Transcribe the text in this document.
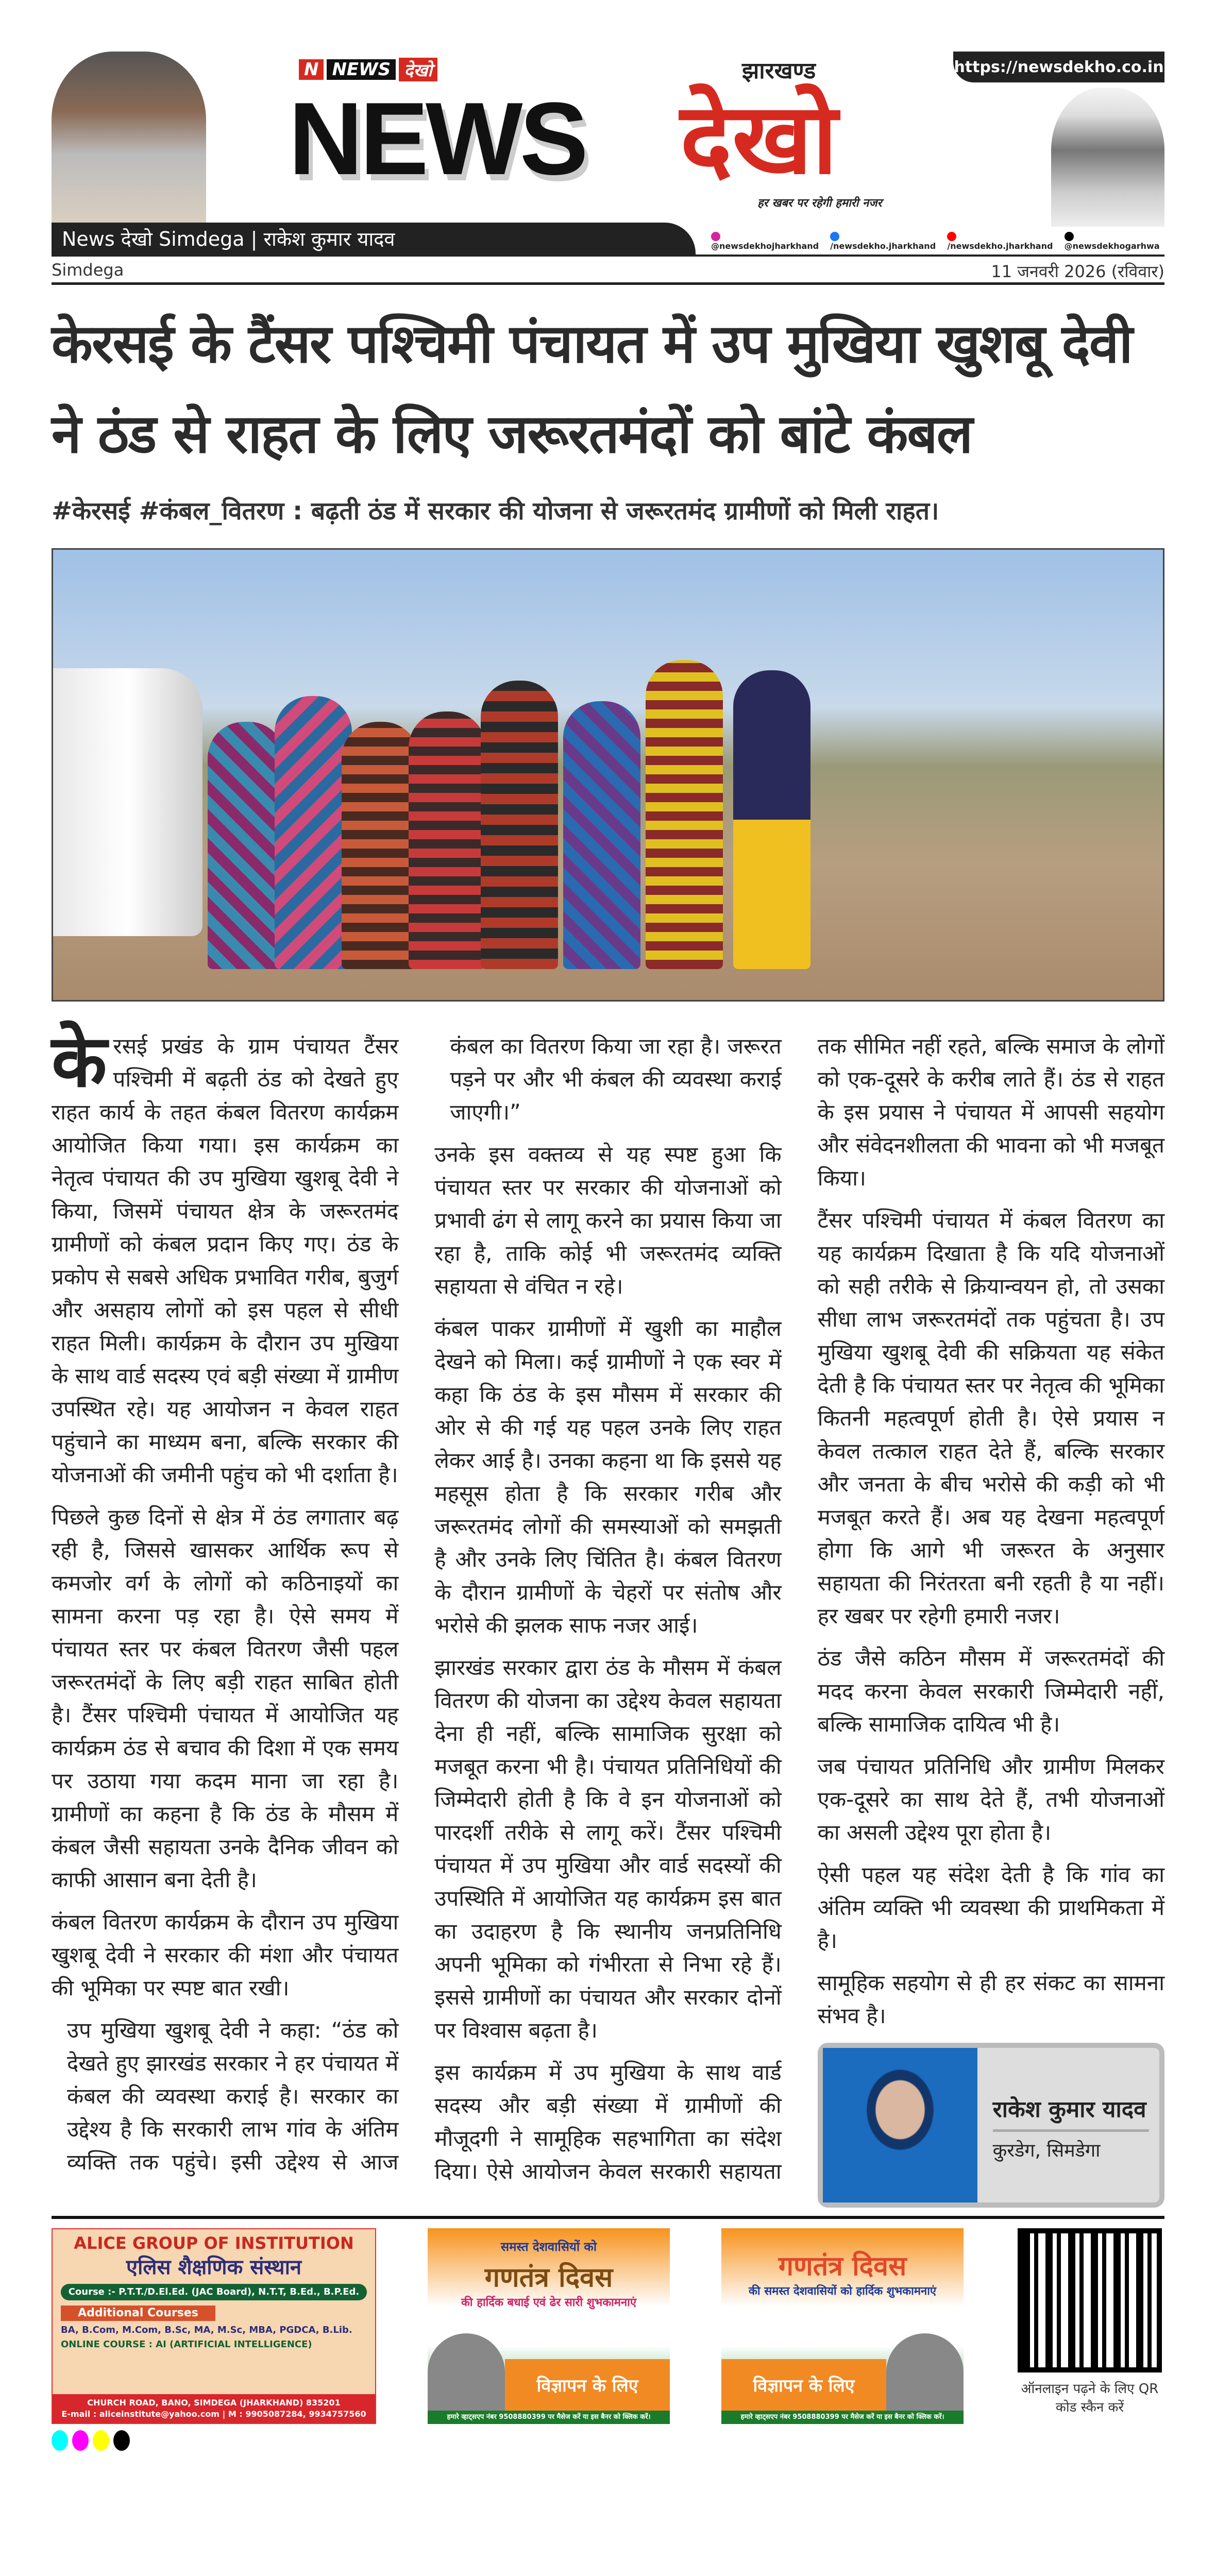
https://newsdekho.co.in
N NEWS देखो
NEWS
झारखण्ड
देखो
हर खबर पर रहेगी हमारी नजर
News देखो Simdega | राकेश कुमार यादव	@newsdekhojharkhand	/newsdekho.jharkhand	/newsdekho.jharkhand	@newsdekhogarhwa
Simdega	11 जनवरी 2026 (रविवार)
केरसई के टैंसर पश्चिमी पंचायत में उप मुखिया खुशबू देवी ने ठंड से राहत के लिए जरूरतमंदों को बांटे कंबल
#केरसई #कंबल_वितरण : बढ़ती ठंड में सरकार की योजना से जरूरतमंद ग्रामीणों को मिली राहत।

केरसई प्रखंड के ग्राम पंचायत टैंसर पश्चिमी में बढ़ती ठंड को देखते हुए राहत कार्य के तहत कंबल वितरण कार्यक्रम आयोजित किया गया। इस कार्यक्रम का नेतृत्व पंचायत की उप मुखिया खुशबू देवी ने किया, जिसमें पंचायत क्षेत्र के जरूरतमंद ग्रामीणों को कंबल प्रदान किए गए। ठंड के प्रकोप से सबसे अधिक प्रभावित गरीब, बुजुर्ग और असहाय लोगों को इस पहल से सीधी राहत मिली। कार्यक्रम के दौरान उप मुखिया के साथ वार्ड सदस्य एवं बड़ी संख्या में ग्रामीण उपस्थित रहे। यह आयोजन न केवल राहत पहुंचाने का माध्यम बना, बल्कि सरकार की योजनाओं की जमीनी पहुंच को भी दर्शाता है।

पिछले कुछ दिनों से क्षेत्र में ठंड लगातार बढ़ रही है, जिससे खासकर आर्थिक रूप से कमजोर वर्ग के लोगों को कठिनाइयों का सामना करना पड़ रहा है। ऐसे समय में पंचायत स्तर पर कंबल वितरण जैसी पहल जरूरतमंदों के लिए बड़ी राहत साबित होती है। टैंसर पश्चिमी पंचायत में आयोजित यह कार्यक्रम ठंड से बचाव की दिशा में एक समय पर उठाया गया कदम माना जा रहा है। ग्रामीणों का कहना है कि ठंड के मौसम में कंबल जैसी सहायता उनके दैनिक जीवन को काफी आसान बना देती है।

कंबल वितरण कार्यक्रम के दौरान उप मुखिया खुशबू देवी ने सरकार की मंशा और पंचायत की भूमिका पर स्पष्ट बात रखी।

उप मुखिया खुशबू देवी ने कहा: “ठंड को देखते हुए झारखंड सरकार ने हर पंचायत में कंबल की व्यवस्था कराई है। सरकार का उद्देश्य है कि सरकारी लाभ गांव के अंतिम व्यक्ति तक पहुंचे। इसी उद्देश्य से आज कंबल का वितरण किया जा रहा है। जरूरत पड़ने पर और भी कंबल की व्यवस्था कराई जाएगी।”

उनके इस वक्तव्य से यह स्पष्ट हुआ कि पंचायत स्तर पर सरकार की योजनाओं को प्रभावी ढंग से लागू करने का प्रयास किया जा रहा है, ताकि कोई भी जरूरतमंद व्यक्ति सहायता से वंचित न रहे।

कंबल पाकर ग्रामीणों में खुशी का माहौल देखने को मिला। कई ग्रामीणों ने एक स्वर में कहा कि ठंड के इस मौसम में सरकार की ओर से की गई यह पहल उनके लिए राहत लेकर आई है। उनका कहना था कि इससे यह महसूस होता है कि सरकार गरीब और जरूरतमंद लोगों की समस्याओं को समझती है और उनके लिए चिंतित है। कंबल वितरण के दौरान ग्रामीणों के चेहरों पर संतोष और भरोसे की झलक साफ नजर आई।

झारखंड सरकार द्वारा ठंड के मौसम में कंबल वितरण की योजना का उद्देश्य केवल सहायता देना ही नहीं, बल्कि सामाजिक सुरक्षा को मजबूत करना भी है। पंचायत प्रतिनिधियों की जिम्मेदारी होती है कि वे इन योजनाओं को पारदर्शी तरीके से लागू करें। टैंसर पश्चिमी पंचायत में उप मुखिया और वार्ड सदस्यों की उपस्थिति में आयोजित यह कार्यक्रम इस बात का उदाहरण है कि स्थानीय जनप्रतिनिधि अपनी भूमिका को गंभीरता से निभा रहे हैं। इससे ग्रामीणों का पंचायत और सरकार दोनों पर विश्वास बढ़ता है।

इस कार्यक्रम में उप मुखिया के साथ वार्ड सदस्य और बड़ी संख्या में ग्रामीणों की मौजूदगी ने सामूहिक सहभागिता का संदेश दिया। ऐसे आयोजन केवल सरकारी सहायता तक सीमित नहीं रहते, बल्कि समाज के लोगों को एक-दूसरे के करीब लाते हैं। ठंड से राहत के इस प्रयास ने पंचायत में आपसी सहयोग और संवेदनशीलता की भावना को भी मजबूत किया।

टैंसर पश्चिमी पंचायत में कंबल वितरण का यह कार्यक्रम दिखाता है कि यदि योजनाओं को सही तरीके से क्रियान्वयन हो, तो उसका सीधा लाभ जरूरतमंदों तक पहुंचता है। उप मुखिया खुशबू देवी की सक्रियता यह संकेत देती है कि पंचायत स्तर पर नेतृत्व की भूमिका कितनी महत्वपूर्ण होती है। ऐसे प्रयास न केवल तत्काल राहत देते हैं, बल्कि सरकार और जनता के बीच भरोसे की कड़ी को भी मजबूत करते हैं। अब यह देखना महत्वपूर्ण होगा कि आगे भी जरूरत के अनुसार सहायता की निरंतरता बनी रहती है या नहीं। हर खबर पर रहेगी हमारी नजर।

ठंड जैसे कठिन मौसम में जरूरतमंदों की मदद करना केवल सरकारी जिम्मेदारी नहीं, बल्कि सामाजिक दायित्व भी है।

जब पंचायत प्रतिनिधि और ग्रामीण मिलकर एक-दूसरे का साथ देते हैं, तभी योजनाओं का असली उद्देश्य पूरा होता है।

ऐसी पहल यह संदेश देती है कि गांव का अंतिम व्यक्ति भी व्यवस्था की प्राथमिकता में है।

सामूहिक सहयोग से ही हर संकट का सामना संभव है।

राकेश कुमार यादव
कुरडेग, सिमडेगा
ALICE GROUP OF INSTITUTION
एलिस शैक्षणिक संस्थान
Course :- P.T.T./D.El.Ed. (JAC Board), N.T.T, B.Ed., B.P.Ed.
Additional Courses
BA, B.Com, M.Com, B.Sc, MA, M.Sc, MBA, PGDCA, B.Lib.
ONLINE COURSE : AI (ARTIFICIAL INTELLIGENCE)
CHURCH ROAD, BANO, SIMDEGA (JHARKHAND) 835201
E-mail : aliceinstitute@yahoo.com | M : 9905087284, 9934757560
समस्त देशवासियों को
गणतंत्र दिवस
की हार्दिक बधाई एवं ढेर सारी शुभकामनाएं
विज्ञापन के लिए
हमारे व्हाट्सएप नंबर 9508880399 पर मैसेज करें या इस बैनर को क्लिक करें।
गणतंत्र दिवस
की समस्त देशवासियों को हार्दिक शुभकामनाएं
विज्ञापन के लिए
हमारे व्हाट्सएप नंबर 9508880399 पर मैसेज करें या इस बैनर को क्लिक करें।
ऑनलाइन पढ़ने के लिए QR कोड स्कैन करें
